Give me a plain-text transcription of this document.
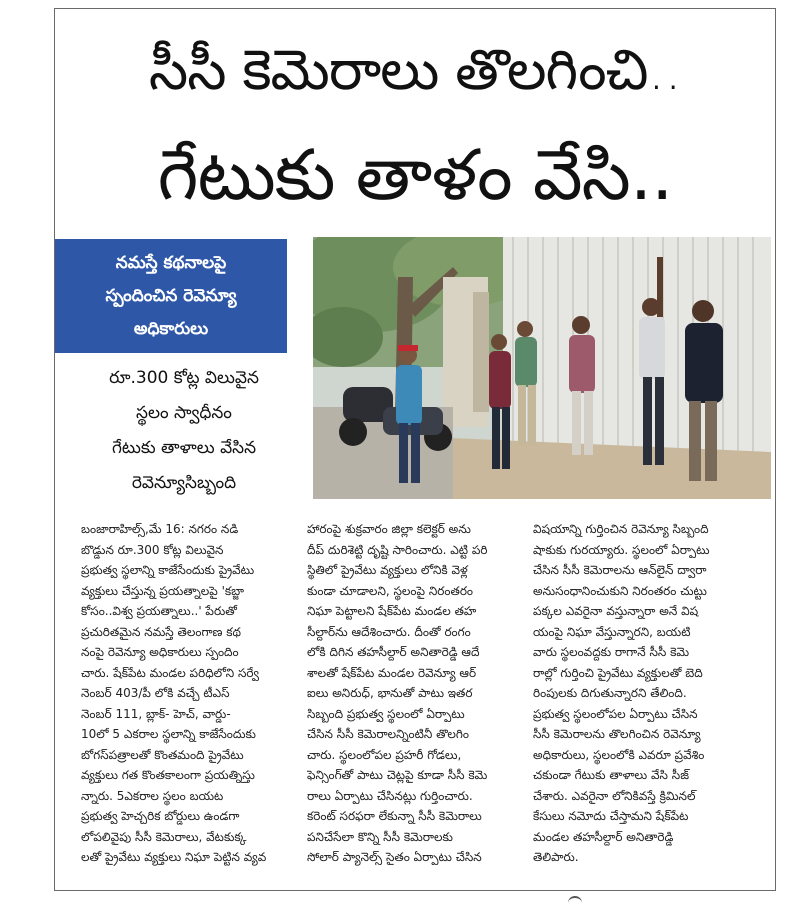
సీసీ కెమెరాలు తొలగించి..
గేటుకు తాళం వేసి..
నమస్తే కథనాలపై
స్పందించిన రెవెన్యూ
అధికారులు
రూ.300 కోట్ల విలువైన
స్థలం స్వాధీనం
గేటుకు తాళాలు వేసిన
రెవెన్యూసిబ్బంది
బంజారాహిల్స్,మే 16: నగరం నడి
బొడ్డున రూ.300 కోట్ల విలువైన
ప్రభుత్వ స్థలాన్ని కాజేసేందుకు ప్రైవేటు
వ్యక్తులు చేస్తున్న ప్రయత్నాలపై 'కబ్జా
కోసం..విశ్వ ప్రయత్నాలు..' పేరుతో
ప్రచురితమైన నమస్తే తెలంగాణ కథ
నంపై రెవెన్యూ అధికారులు స్పందిం
చారు. షేక్‌పేట మండల పరిధిలోని సర్వే
నెంబర్ 403/పీ లోకి వచ్చే టీఎస్
నెంబర్ 111, బ్లాక్- హెచ్, వార్డు-
10లో 5 ఎకరాల స్థలాన్ని కాజేసేందుకు
బోగస్‌పత్రాలతో కొంతమంది ప్రైవేటు
వ్యక్తులు గత కొంతకాలంగా ప్రయత్నిస్తు
న్నారు. 5ఎకరాల స్థలం బయట
ప్రభుత్వ హెచ్చరిక బోర్డులు ఉండగా
లోపలివైపు సీసీ కెమెరాలు, వేటకుక్క
లతో ప్రైవేటు వ్యక్తులు నిఘా పెట్టిన వ్యవ
హారంపై శుక్రవారం జిల్లా కలెక్టర్ అను
దీప్ దురిశెట్టి దృష్టి సారించారు. ఎట్టి పరి
స్థితిలో ప్రైవేటు వ్యక్తులు లోనికి వెళ్ల
కుండా చూడాలని, స్థలంపై నిరంతరం
నిఘా పెట్టాలని షేక్‌పేట మండల తహ
సీల్దార్‌ను ఆదేశించారు. దీంతో రంగం
లోకి దిగిన తహసీల్దార్ అనితారెడ్డి ఆదే
శాలతో షేక్‌పేట మండల రెవెన్యూ ఆర్
ఐలు అనిరుధ్, భానుతో పాటు ఇతర
సిబ్బంది ప్రభుత్వ స్థలంలో ఏర్పాటు
చేసిన సీసీ కెమెరాలన్నింటినీ తొలగిం
చారు. స్థలంలోపల ప్రహరీ గోడలు,
ఫెన్సింగ్‌తో పాటు చెట్లపై కూడా సీసీ కెమె
రాలు ఏర్పాటు చేసినట్లు గుర్తించారు.
కరెంట్ సరఫరా లేకున్నా సీసీ కెమెరాలు
పనిచేసేలా కొన్ని సీసీ కెమెరాలకు
సోలార్ ప్యానెల్స్ సైతం ఏర్పాటు చేసిన
విషయాన్ని గుర్తించిన రెవెన్యూ సిబ్బంది
షాకుకు గురయ్యారు. స్థలంలో ఏర్పాటు
చేసిన సీసీ కెమెరాలను ఆన్‌లైన్ ద్వారా
అనుసంధానించుకుని నిరంతరం చుట్టు
పక్కల ఎవరైనా వస్తున్నారా అనే విష
యంపై నిఘా వేస్తున్నారని, బయటి
వారు స్థలంవద్దకు రాగానే సీసీ కెమె
రాల్లో గుర్తించి ప్రైవేటు వ్యక్తులతో బెది
రింపులకు దిగుతున్నారని తేలింది.
ప్రభుత్వ స్థలంలోపల ఏర్పాటు చేసిన
సీసీ కెమెరాలను తొలగించిన రెవెన్యూ
అధికారులు, స్థలంలోకి ఎవరూ ప్రవేశిం
చకుండా గేటుకు తాళాలు వేసి సీజ్
చేశారు. ఎవరైనా లోనికివస్తే క్రిమినల్
కేసులు నమోదు చేస్తామని షేక్‌పేట
మండల తహసీల్దార్ అనితారెడ్డి
తెలిపారు.
